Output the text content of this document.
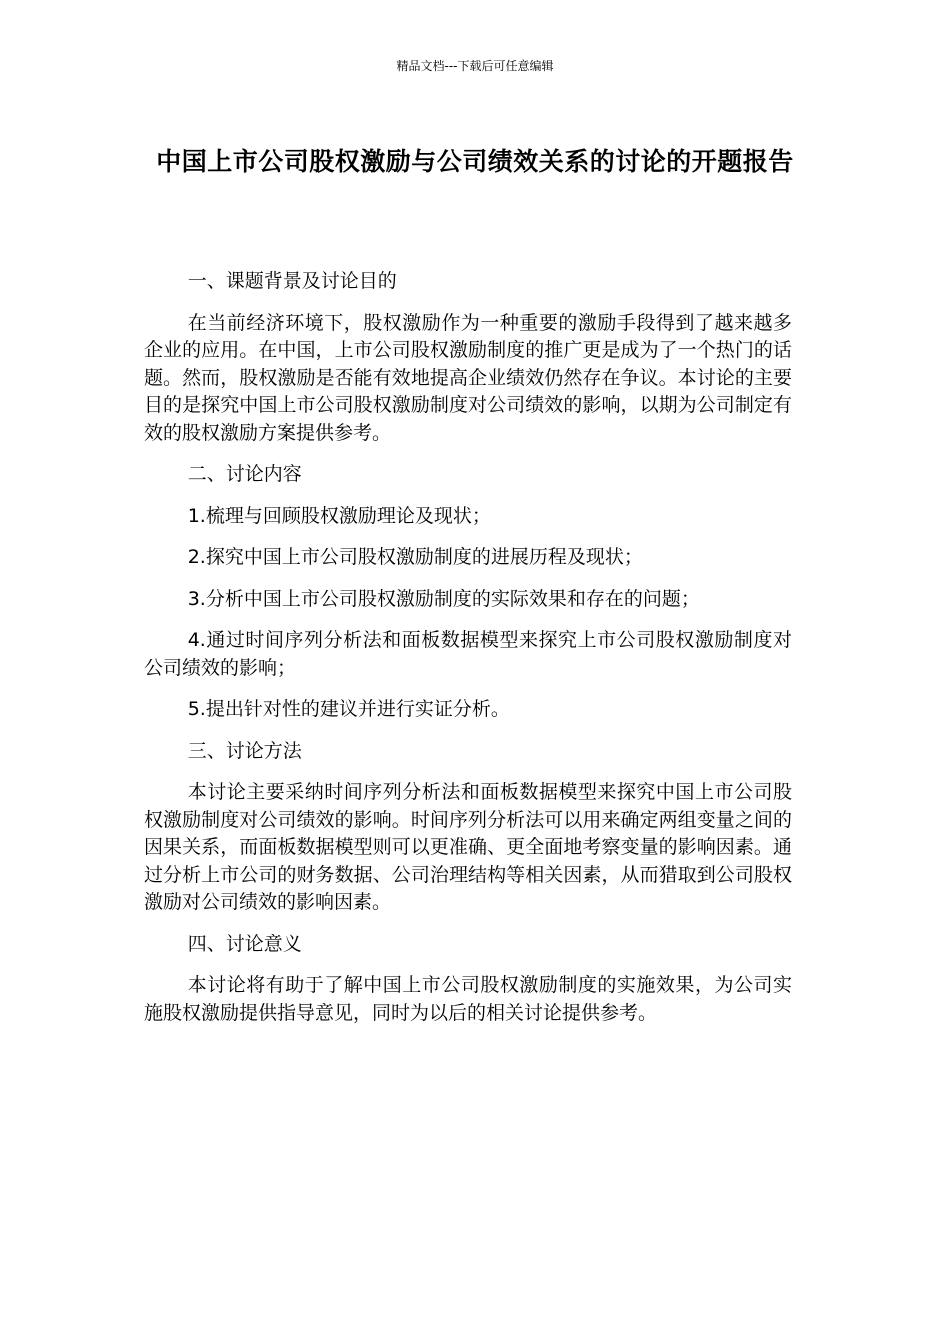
精品文档---下载后可任意编辑
中国上市公司股权激励与公司绩效关系的讨论的开题报告

一、课题背景及讨论目的

在当前经济环境下，股权激励作为一种重要的激励手段得到了越来越多企业的应用。在中国，上市公司股权激励制度的推广更是成为了一个热门的话题。然而，股权激励是否能有效地提高企业绩效仍然存在争议。本讨论的主要目的是探究中国上市公司股权激励制度对公司绩效的影响，以期为公司制定有效的股权激励方案提供参考。

二、讨论内容

1.梳理与回顾股权激励理论及现状；

2.探究中国上市公司股权激励制度的进展历程及现状；

3.分析中国上市公司股权激励制度的实际效果和存在的问题；

4.通过时间序列分析法和面板数据模型来探究上市公司股权激励制度对公司绩效的影响；

5.提出针对性的建议并进行实证分析。

三、讨论方法

本讨论主要采纳时间序列分析法和面板数据模型来探究中国上市公司股权激励制度对公司绩效的影响。时间序列分析法可以用来确定两组变量之间的因果关系，而面板数据模型则可以更准确、更全面地考察变量的影响因素。通过分析上市公司的财务数据、公司治理结构等相关因素，从而猎取到公司股权激励对公司绩效的影响因素。

四、讨论意义

本讨论将有助于了解中国上市公司股权激励制度的实施效果，为公司实施股权激励提供指导意见，同时为以后的相关讨论提供参考。
